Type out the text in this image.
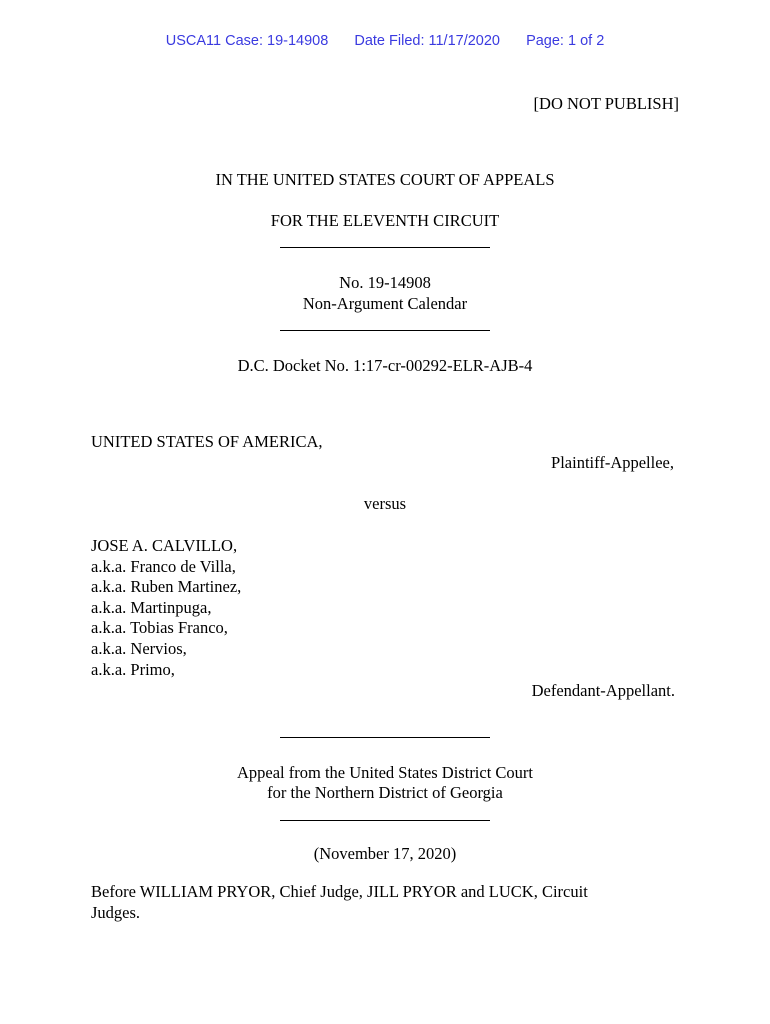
USCA11 Case: 19-14908 Date Filed: 11/17/2020 Page: 1 of 2
[DO NOT PUBLISH]
IN THE UNITED STATES COURT OF APPEALS
FOR THE ELEVENTH CIRCUIT
No. 19-14908
Non-Argument Calendar
D.C. Docket No. 1:17-cr-00292-ELR-AJB-4
UNITED STATES OF AMERICA,
Plaintiff-Appellee,
versus
JOSE A. CALVILLO,
a.k.a. Franco de Villa,
a.k.a. Ruben Martinez,
a.k.a. Martinpuga,
a.k.a. Tobias Franco,
a.k.a. Nervios,
a.k.a. Primo,
Defendant-Appellant.
Appeal from the United States District Court
for the Northern District of Georgia
(November 17, 2020)
Before WILLIAM PRYOR, Chief Judge, JILL PRYOR and LUCK, Circuit
Judges.
